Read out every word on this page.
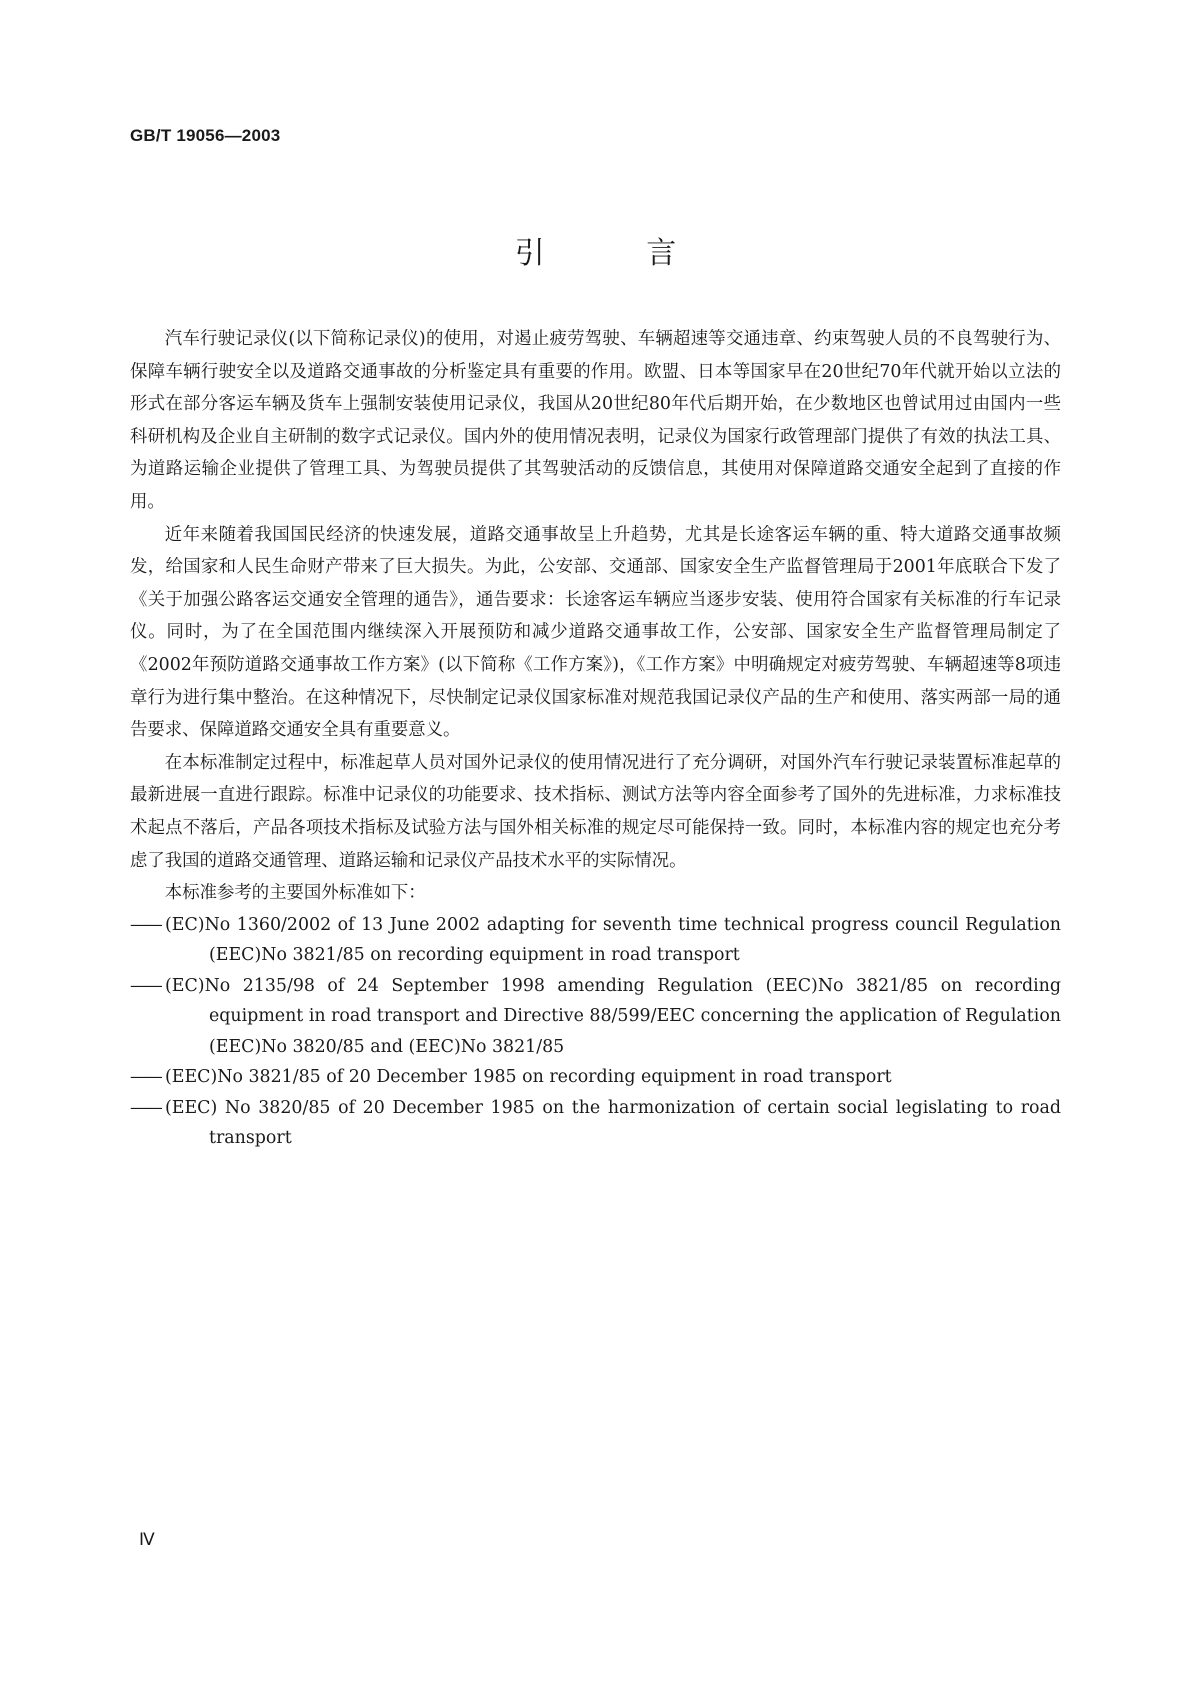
GB/T 19056—2003
引 言

汽车行驶记录仪(以下简称记录仪)的使用，对遏止疲劳驾驶、车辆超速等交通违章、约束驾驶人员的不良驾驶行为、保障车辆行驶安全以及道路交通事故的分析鉴定具有重要的作用。欧盟、日本等国家早在20世纪70年代就开始以立法的形式在部分客运车辆及货车上强制安装使用记录仪，我国从20世纪80年代后期开始，在少数地区也曾试用过由国内一些科研机构及企业自主研制的数字式记录仪。国内外的使用情况表明，记录仪为国家行政管理部门提供了有效的执法工具、为道路运输企业提供了管理工具、为驾驶员提供了其驾驶活动的反馈信息，其使用对保障道路交通安全起到了直接的作用。

近年来随着我国国民经济的快速发展，道路交通事故呈上升趋势，尤其是长途客运车辆的重、特大道路交通事故频发，给国家和人民生命财产带来了巨大损失。为此，公安部、交通部、国家安全生产监督管理局于2001年底联合下发了《关于加强公路客运交通安全管理的通告》，通告要求：长途客运车辆应当逐步安装、使用符合国家有关标准的行车记录仪。同时，为了在全国范围内继续深入开展预防和减少道路交通事故工作，公安部、国家安全生产监督管理局制定了《2002年预防道路交通事故工作方案》(以下简称《工作方案》)，《工作方案》中明确规定对疲劳驾驶、车辆超速等8项违章行为进行集中整治。在这种情况下，尽快制定记录仪国家标准对规范我国记录仪产品的生产和使用、落实两部一局的通告要求、保障道路交通安全具有重要意义。

在本标准制定过程中，标准起草人员对国外记录仪的使用情况进行了充分调研，对国外汽车行驶记录装置标准起草的最新进展一直进行跟踪。标准中记录仪的功能要求、技术指标、测试方法等内容全面参考了国外的先进标准，力求标准技术起点不落后，产品各项技术指标及试验方法与国外相关标准的规定尽可能保持一致。同时，本标准内容的规定也充分考虑了我国的道路交通管理、道路运输和记录仪产品技术水平的实际情况。

本标准参考的主要国外标准如下：

—— (EC)No 1360/2002 of 13 June 2002 adapting for seventh time technical progress council Regulation (EEC)No 3821/85 on recording equipment in road transport
—— (EC)No 2135/98 of 24 September 1998 amending Regulation (EEC)No 3821/85 on recording equipment in road transport and Directive 88/599/EEC concerning the application of Regulation (EEC)No 3820/85 and (EEC)No 3821/85
—— (EEC)No 3821/85 of 20 December 1985 on recording equipment in road transport
—— (EEC) No 3820/85 of 20 December 1985 on the harmonization of certain social legislating to road transport
Ⅳ
